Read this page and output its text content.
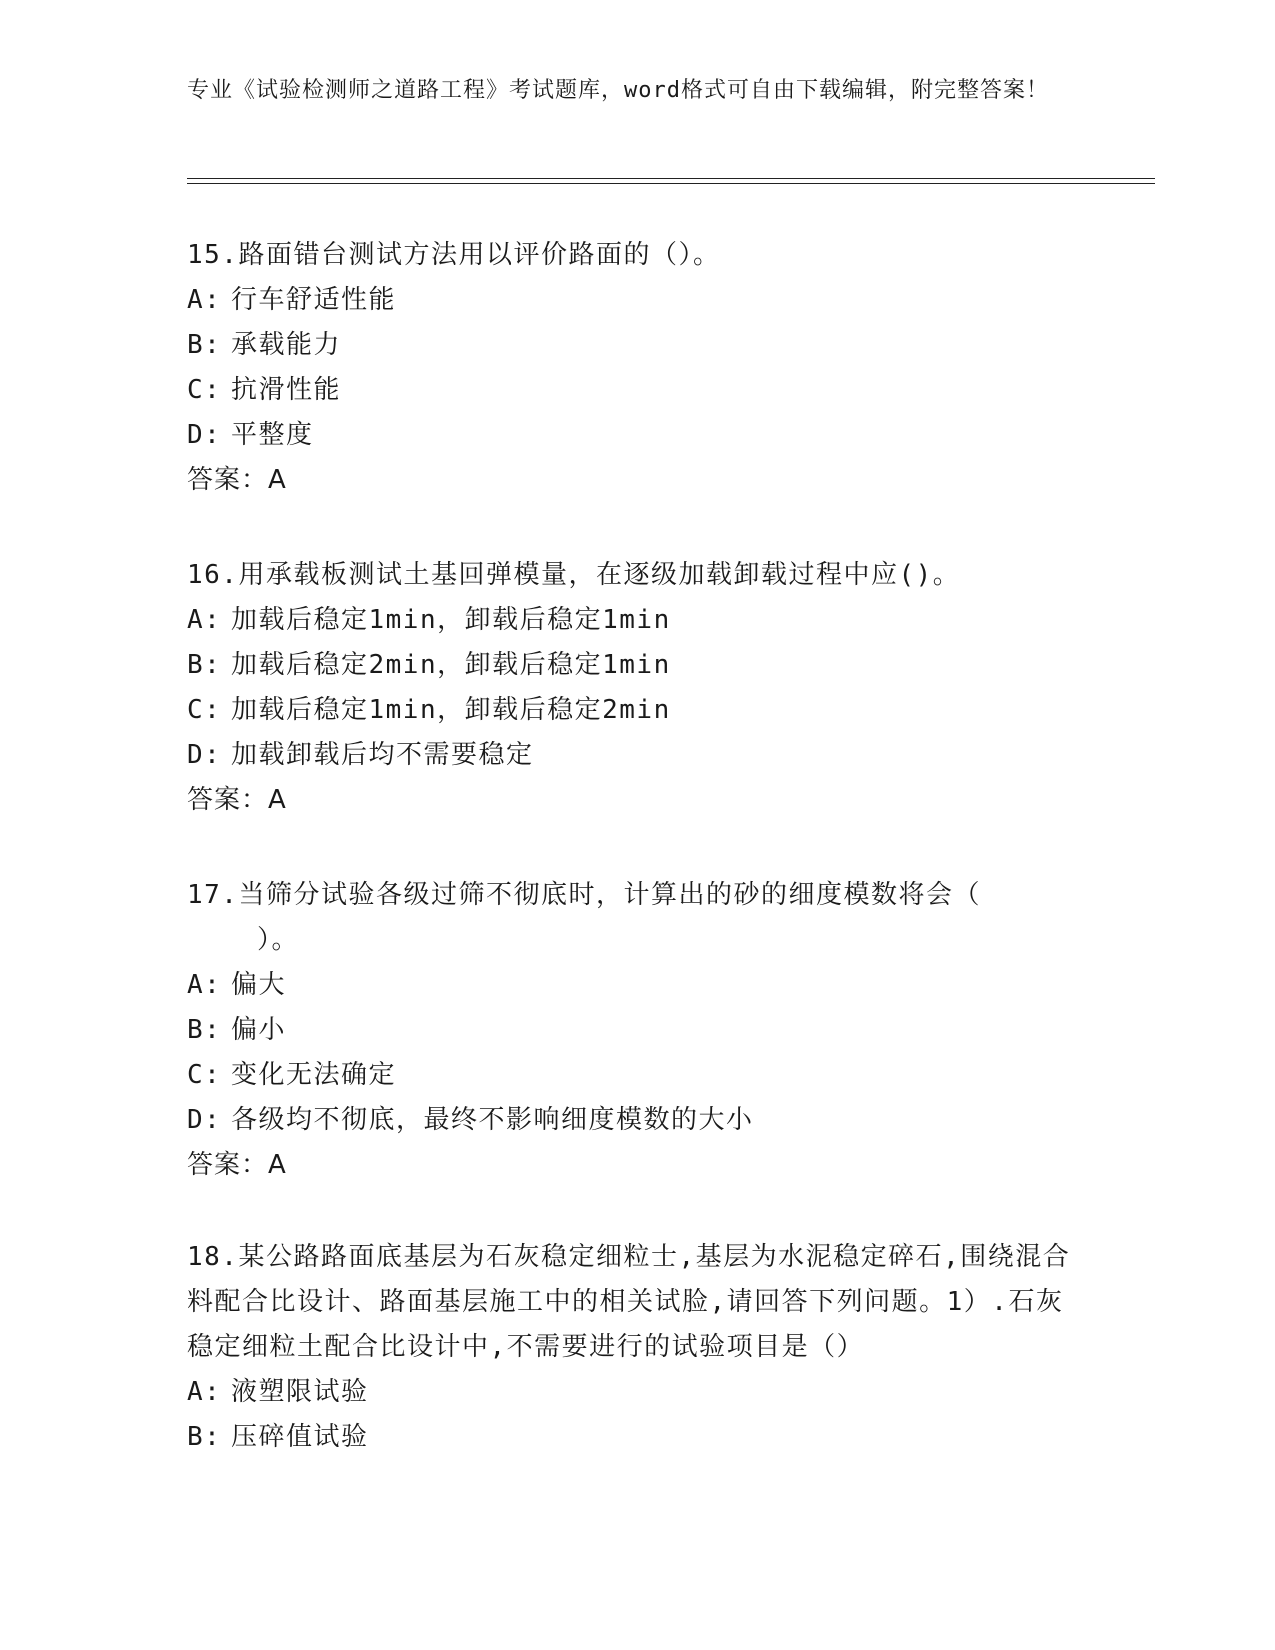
专业《试验检测师之道路工程》考试题库，word格式可自由下载编辑，附完整答案！

15.路面错台测试方法用以评价路面的（）。

A: 行车舒适性能

B: 承载能力

C: 抗滑性能

D: 平整度

答案：A

16.用承载板测试土基回弹模量，在逐级加载卸载过程中应()。

A: 加载后稳定1min，卸载后稳定1min

B: 加载后稳定2min，卸载后稳定1min

C: 加载后稳定1min，卸载后稳定2min

D: 加载卸载后均不需要稳定

答案：A

17.当筛分试验各级过筛不彻底时，计算出的砂的细度模数将会（
）。

A: 偏大

B: 偏小

C: 变化无法确定

D: 各级均不彻底，最终不影响细度模数的大小

答案：A

18.某公路路面底基层为石灰稳定细粒士,基层为水泥稳定碎石,围绕混合料配合比设计、路面基层施工中的相关试脸,请回答下列问题。1）.石灰稳定细粒土配合比设计中,不需要进行的试验项目是（）

A: 液塑限试验

B: 压碎值试验
